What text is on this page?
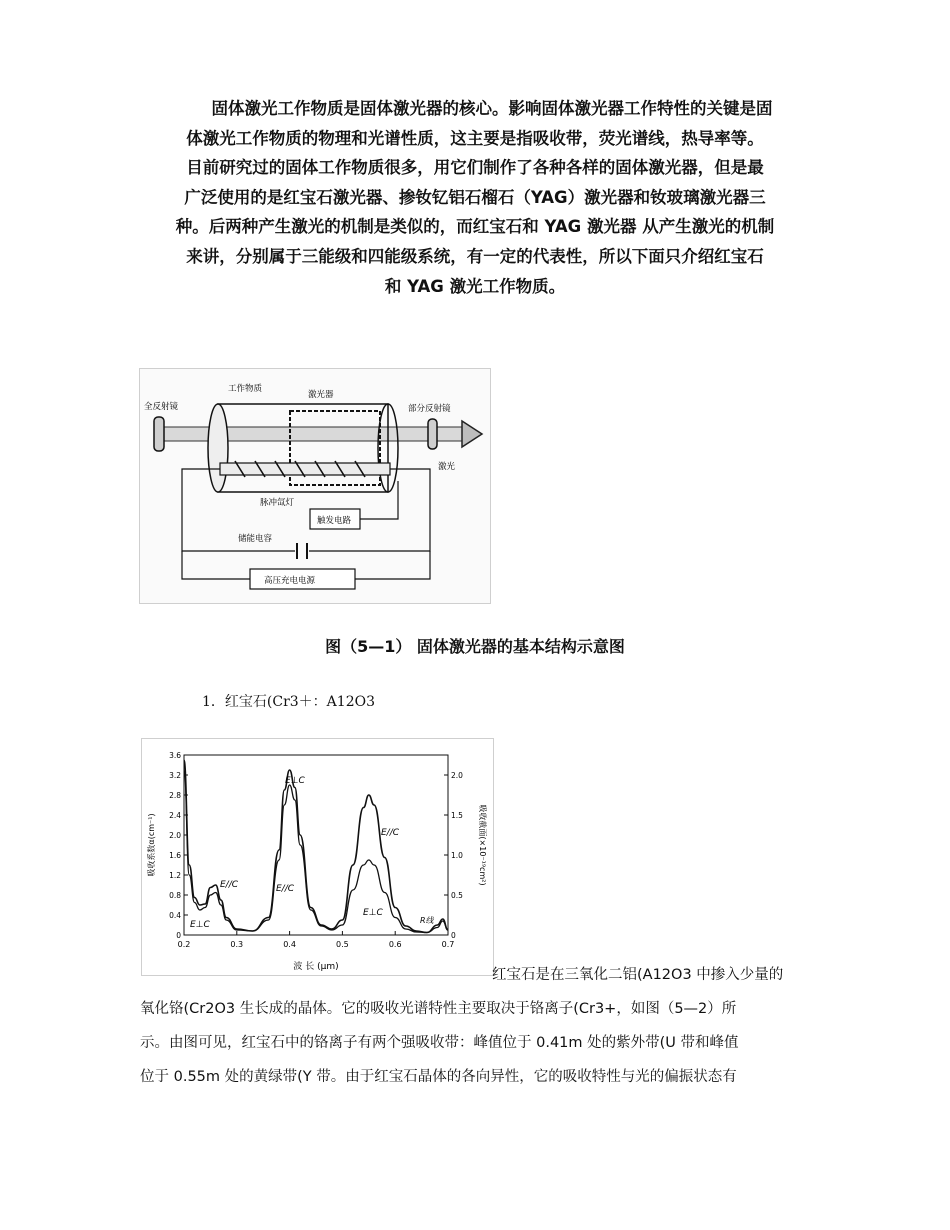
固体激光工作物质是固体激光器的核心。影响固体激光器工作特性的关键是固
体激光工作物质的物理和光谱性质，这主要是指吸收带，荧光谱线，热导率等。
目前研究过的固体工作物质很多，用它们制作了各种各样的固体激光器，但是最
广泛使用的是红宝石激光器、掺钕钇铝石榴石（YAG）激光器和钕玻璃激光器三
种。后两种产生激光的机制是类似的，而红宝石和 YAG 激光器 从产生激光的机制
来讲，分别属于三能级和四能级系统，有一定的代表性，所以下面只介绍红宝石
和 YAG 激光工作物质。
全反射镜
工作物质
激光器
部分反射镜
激光
脉冲氙灯
触发电路
储能电容
高压充电电源
图（5—1） 固体激光器的基本结构示意图
1．红宝石(Cr3＋：A12O3
0.2	0.3	0.4	0.5	0.6	0.7
0
0.4
0.8
1.2
1.6
2.0
2.4
2.8
3.2
3.6
0
0.5
1.0
1.5
2.0
波 长 (μm)
吸收系数α(cm⁻¹)	吸收截面(×10⁻¹⁹cm²)
E⊥C
E//C
E//C
E⊥C
E//C
E⊥C	R线
红宝石是在三氧化二铝(A12O3 中掺入少量的
氧化铬(Cr2O3 生长成的晶体。它的吸收光谱特性主要取决于铬离子(Cr3+，如图（5—2）所
示。由图可见，红宝石中的铬离子有两个强吸收带：峰值位于 0.41m 处的紫外带(U 带和峰值
位于 0.55m 处的黄绿带(Y 带。由于红宝石晶体的各向异性，它的吸收特性与光的偏振状态有
